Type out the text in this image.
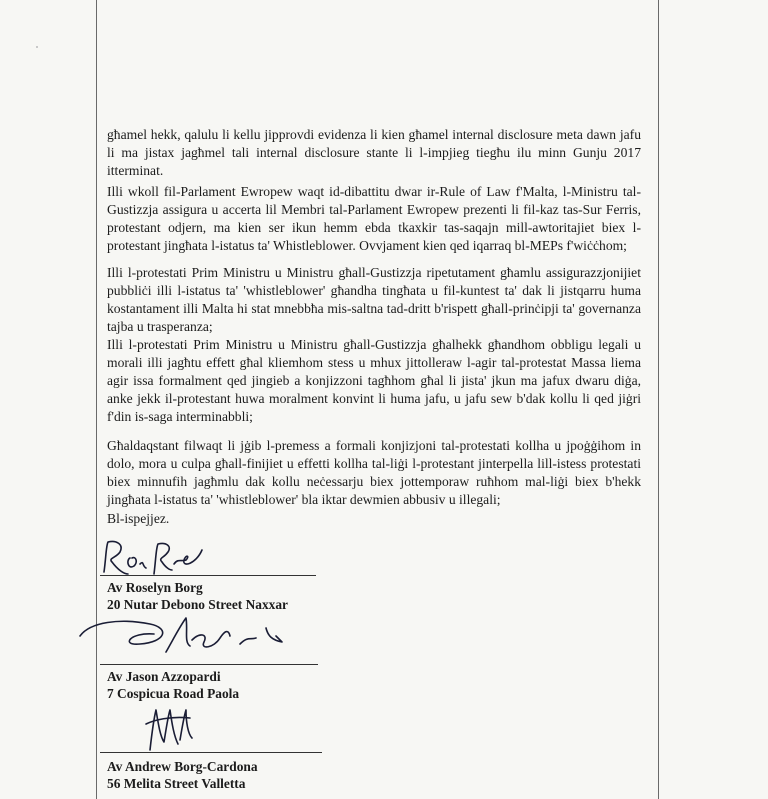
għamel hekk, qalulu li kellu jipprovdi evidenza li kien għamel internal disclosure meta dawn jafu li ma jistax jagħmel tali internal disclosure stante li l-impjieg tiegħu ilu minn Gunju 2017 itterminat.

Illi wkoll fil-Parlament Ewropew waqt id-dibattitu dwar ir-Rule of Law f'Malta, l-Ministru tal-Gustizzja assigura u accerta lil Membri tal-Parlament Ewropew prezenti li fil-kaz tas-Sur Ferris, protestant odjern, ma kien ser ikun hemm ebda tkaxkir tas-saqajn mill-awtoritajiet biex l-protestant jingħata l-istatus ta' Whistleblower. Ovvjament kien qed iqarraq bl-MEPs f'wiċċhom;

Illi l-protestati Prim Ministru u Ministru għall-Gustizzja ripetutament għamlu assigurazzjonijiet pubbliċi illi l-istatus ta' 'whistleblower' għandha tingħata u fil-kuntest ta' dak li jistqarru huma kostantament illi Malta hi stat mnebbħa mis-saltna tad-dritt b'rispett għall-prinċipji ta' governanza tajba u trasperanza;

Illi l-protestati Prim Ministru u Ministru għall-Gustizzja għalhekk għandhom obbligu legali u morali illi jagħtu effett għal kliemhom stess u mhux jittolleraw l-agir tal-protestat Massa liema agir issa formalment qed jingieb a konjizzoni tagħhom għal li jista' jkun ma jafux dwaru diġa, anke jekk il-protestant huwa moralment konvint li huma jafu, u jafu sew b'dak kollu li qed jiġri f'din is-saga interminabbli;

Għaldaqstant filwaqt li jġib l-premess a formali konjizjoni tal-protestati kollha u jpoġġihom in dolo, mora u culpa għall-finijiet u effetti kollha tal-liġi l-protestant jinterpella lill-istess protestati biex minnufih jagħmlu dak kollu neċessarju biex jottemporaw ruħhom mal-liġi biex b'hekk jingħata l-istatus ta' 'whistleblower' bla iktar dewmien abbusiv u illegali;

Bl-ispejjez.
Av Roselyn Borg
20 Nutar Debono Street Naxxar
Av Jason Azzopardi
7 Cospicua Road Paola
Av Andrew Borg-Cardona
56 Melita Street Valletta
